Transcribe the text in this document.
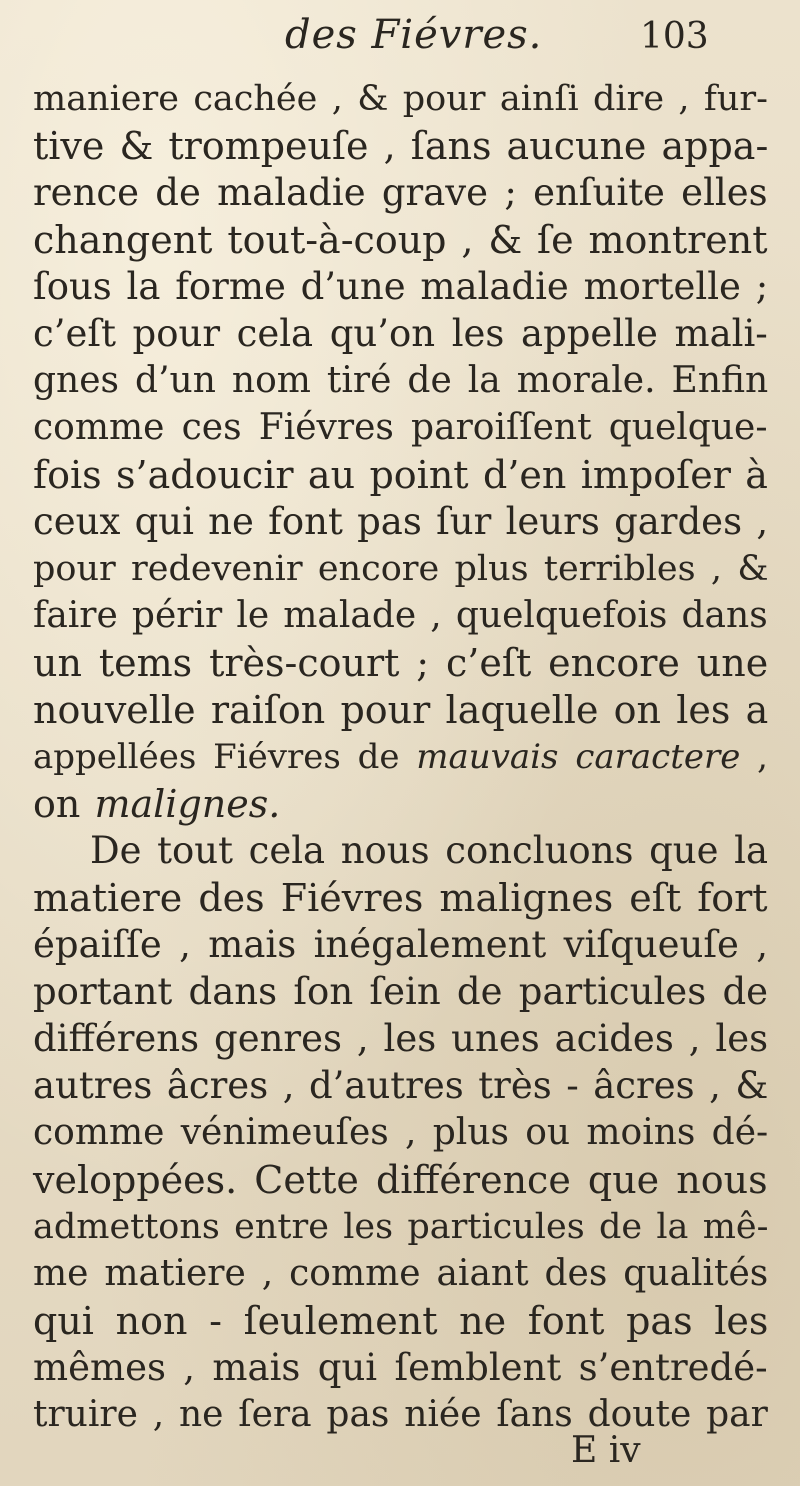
des Fiévres.	103
maniere cachée , & pour ainſi dire , fur-
tive & trompeuſe , ſans aucune appa-
rence de maladie grave ; enſuite elles
changent tout-à-coup , & ſe montrent
ſous la forme d’une maladie mortelle ;
c’eſt pour cela qu’on les appelle mali-
gnes d’un nom tiré de la morale. Enfin
comme ces Fiévres paroiſſent quelque-
fois s’adoucir au point d’en impoſer à
ceux qui ne font pas ſur leurs gardes ,
pour redevenir encore plus terribles , &
faire périr le malade , quelquefois dans
un tems très-court ; c’eſt encore une
nouvelle raiſon pour laquelle on les a
appellées Fiévres de mauvais caractere ,
on malignes.
De tout cela nous concluons que la
matiere des Fiévres malignes eſt fort
épaiſſe , mais inégalement viſqueuſe ,
portant dans ſon ſein de particules de
différens genres , les unes acides , les
autres âcres , d’autres très - âcres , &
comme vénimeuſes , plus ou moins dé-
veloppées. Cette différence que nous
admettons entre les particules de la mê-
me matiere , comme aiant des qualités
qui non - ſeulement ne font pas les
mêmes , mais qui ſemblent s’entredé-
truire , ne ſera pas niée ſans doute par
E iv
